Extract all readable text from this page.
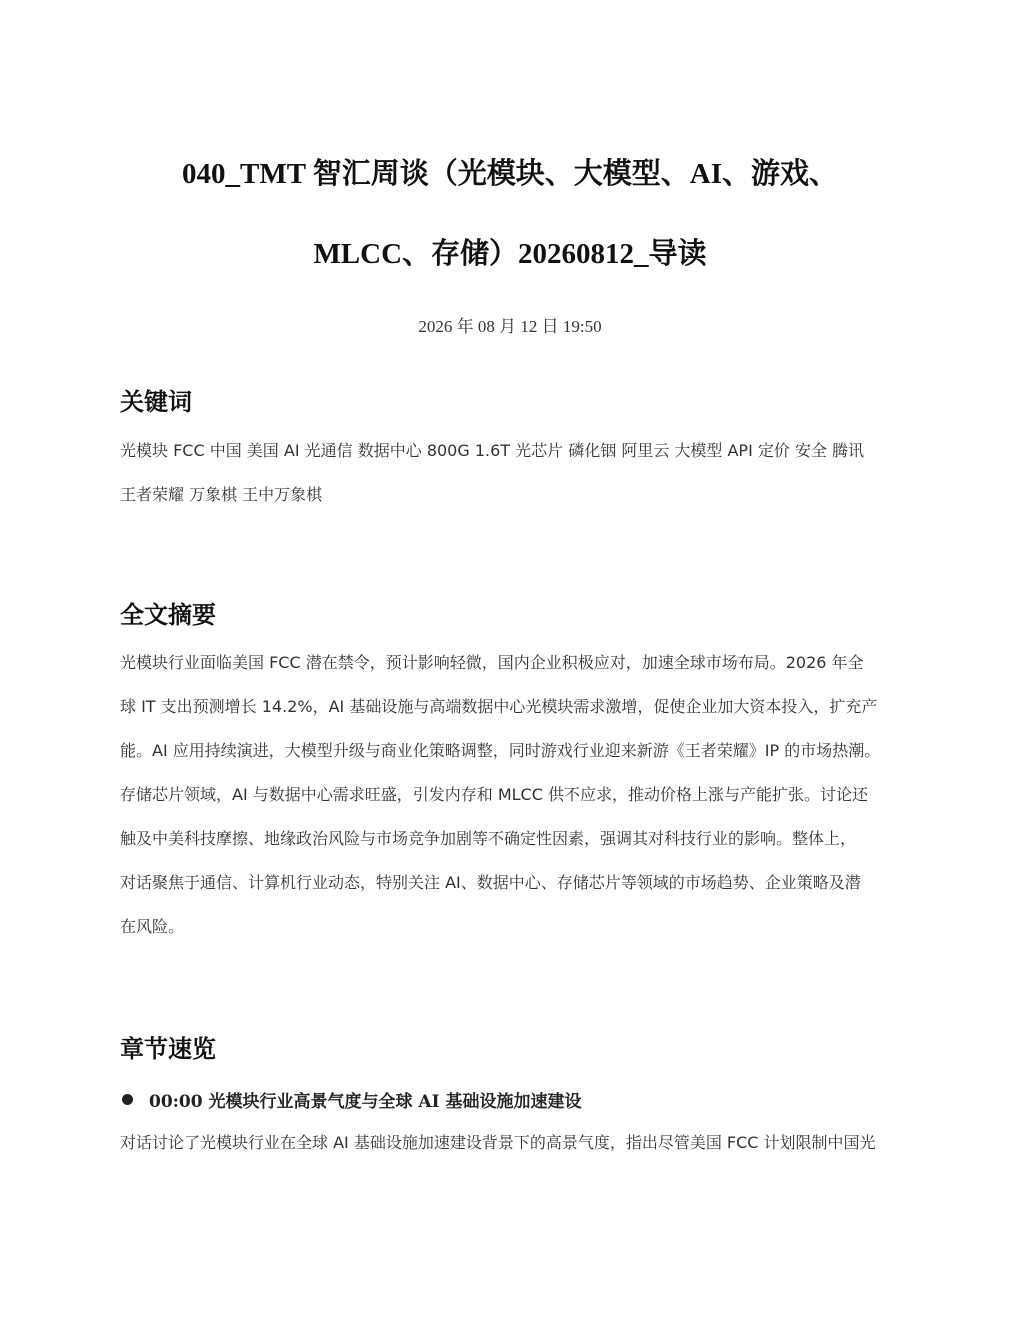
040_TMT 智汇周谈（光模块、大模型、AI、游戏、
MLCC、存储）20260812_导读
2026 年 08 月 12 日 19:50
关键词

光模块 FCC 中国 美国 AI 光通信 数据中心 800G 1.6T 光芯片 磷化铟 阿里云 大模型 API 定价 安全 腾讯
王者荣耀 万象棋 王中万象棋

全文摘要

光模块行业面临美国 FCC 潜在禁令，预计影响轻微，国内企业积极应对，加速全球市场布局。2026 年全
球 IT 支出预测增长 14.2%，AI 基础设施与高端数据中心光模块需求激增，促使企业加大资本投入，扩充产
能。AI 应用持续演进，大模型升级与商业化策略调整，同时游戏行业迎来新游《王者荣耀》IP 的市场热潮。
存储芯片领域，AI 与数据中心需求旺盛，引发内存和 MLCC 供不应求，推动价格上涨与产能扩张。讨论还
触及中美科技摩擦、地缘政治风险与市场竞争加剧等不确定性因素，强调其对科技行业的影响。整体上，
对话聚焦于通信、计算机行业动态，特别关注 AI、数据中心、存储芯片等领域的市场趋势、企业策略及潜
在风险。

章节速览
00:00 光模块行业高景气度与全球 AI 基础设施加速建设

对话讨论了光模块行业在全球 AI 基础设施加速建设背景下的高景气度，指出尽管美国 FCC 计划限制中国光
